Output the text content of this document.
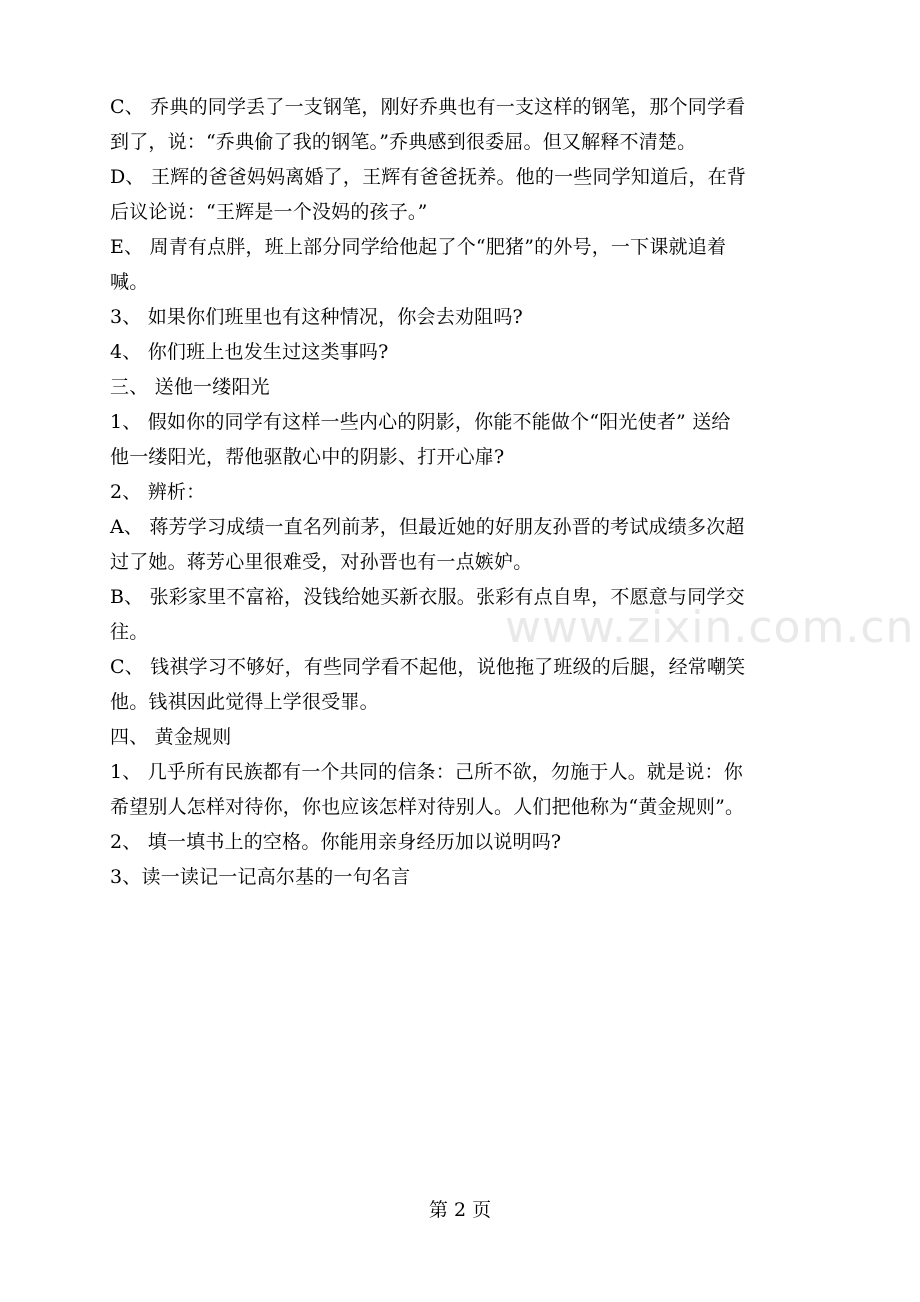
www.zixin.com.cn
C、 乔典的同学丢了一支钢笔，刚好乔典也有一支这样的钢笔，那个同学看
到了，说：“乔典偷了我的钢笔。”乔典感到很委屈。但又解释不清楚。
D、 王辉的爸爸妈妈离婚了，王辉有爸爸抚养。他的一些同学知道后，在背
后议论说：“王辉是一个没妈的孩子。”
E、 周青有点胖，班上部分同学给他起了个“肥猪”的外号，一下课就追着
喊。
3、 如果你们班里也有这种情况，你会去劝阻吗?
4、 你们班上也发生过这类事吗?
三、 送他一缕阳光
1、 假如你的同学有这样一些内心的阴影，你能不能做个“阳光使者” 送给
他一缕阳光，帮他驱散心中的阴影、打开心扉?
2、 辨析：
A、 蒋芳学习成绩一直名列前茅，但最近她的好朋友孙晋的考试成绩多次超
过了她。蒋芳心里很难受，对孙晋也有一点嫉妒。
B、 张彩家里不富裕，没钱给她买新衣服。张彩有点自卑，不愿意与同学交
往。
C、 钱祺学习不够好，有些同学看不起他，说他拖了班级的后腿，经常嘲笑
他。钱祺因此觉得上学很受罪。
四、 黄金规则
1、 几乎所有民族都有一个共同的信条：己所不欲，勿施于人。就是说：你
希望别人怎样对待你，你也应该怎样对待别人。人们把他称为“黄金规则”。
2、 填一填书上的空格。你能用亲身经历加以说明吗?
3、读一读记一记高尔基的一句名言
第 2 页
